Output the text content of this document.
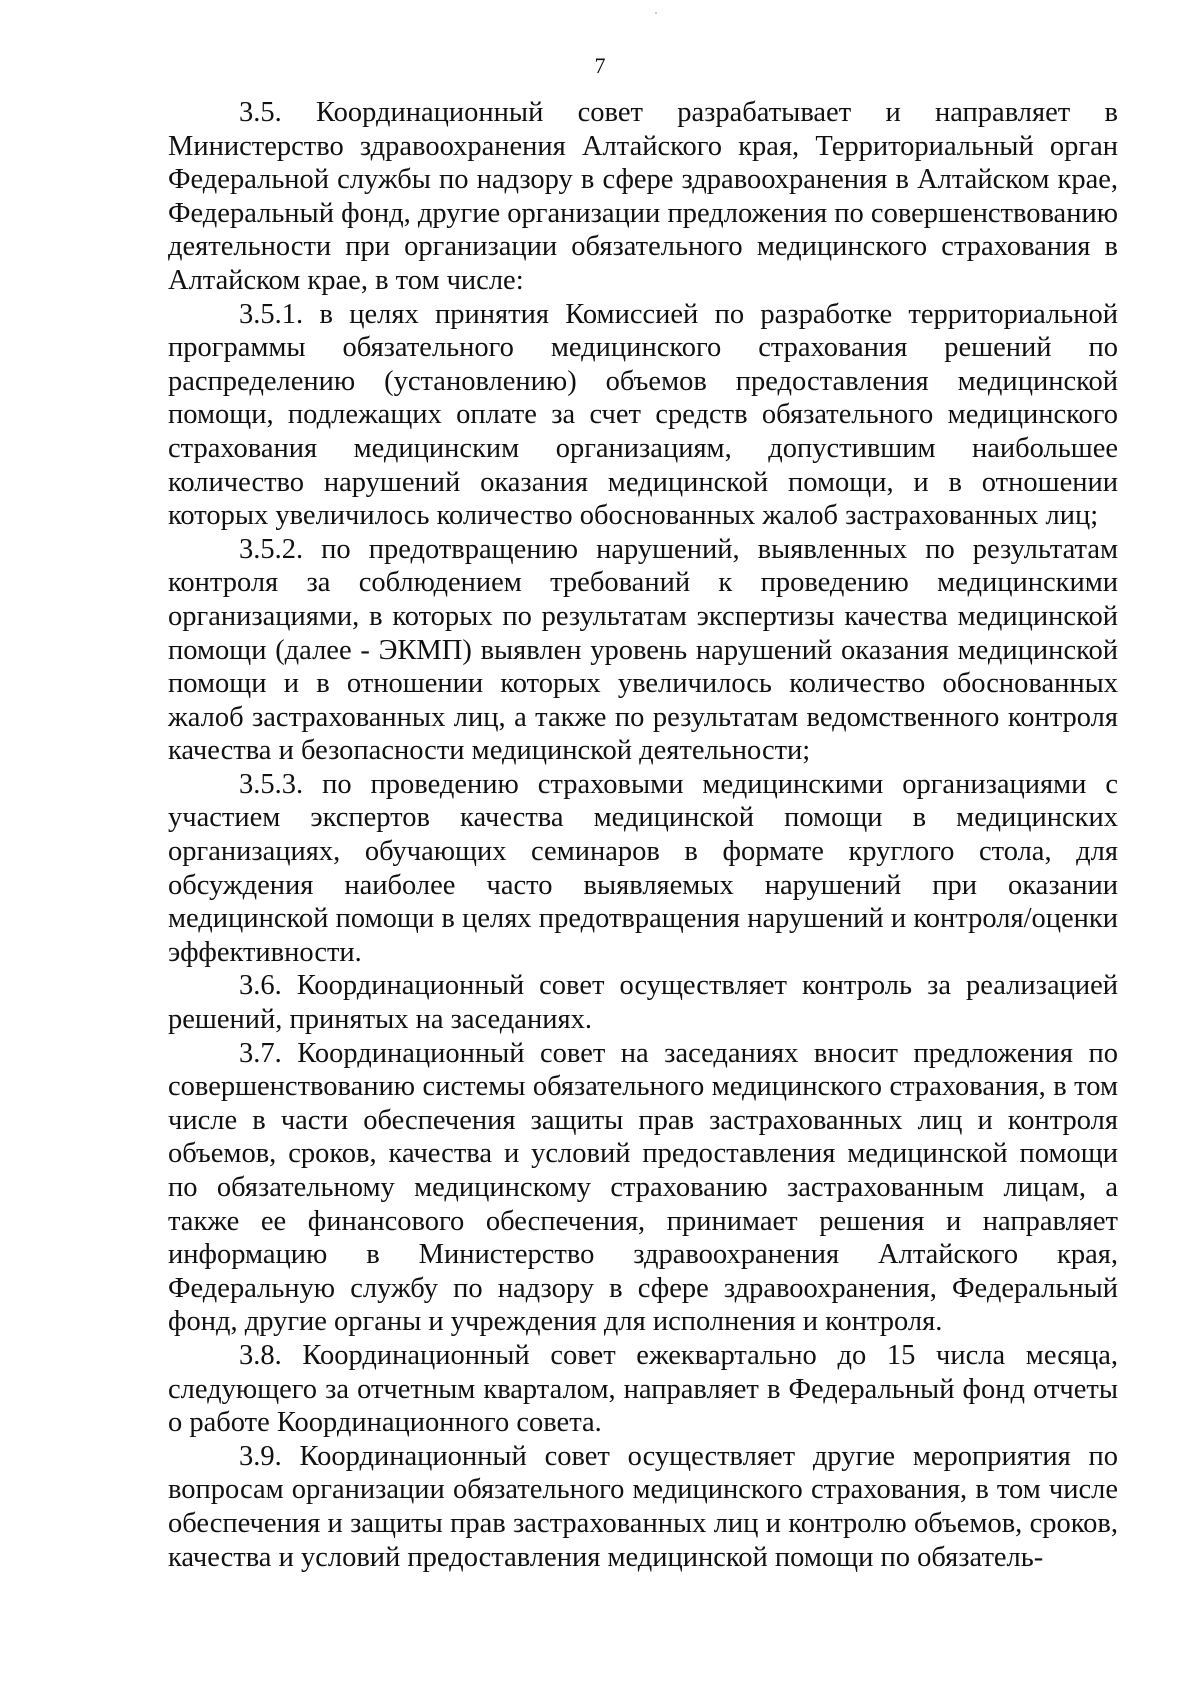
7

3.5. Координационный совет разрабатывает и направляет в Министерство здравоохранения Алтайского края, Территориальный орган Федеральной службы по надзору в сфере здравоохранения в Алтайском крае, Федеральный фонд, другие организации предложения по совершенствованию деятельности при организации обязательного медицинского страхования в Алтайском крае, в том числе:

3.5.1. в целях принятия Комиссией по разработке территориальной программы обязательного медицинского страхования решений по распределению (установлению) объемов предоставления медицинской помощи, подлежащих оплате за счет средств обязательного медицинского страхования медицинским организациям, допустившим наибольшее количество нарушений оказания медицинской помощи, и в отношении которых увеличилось количество обоснованных жалоб застрахованных лиц;

3.5.2. по предотвращению нарушений, выявленных по результатам контроля за соблюдением требований к проведению медицинскими организациями, в которых по результатам экспертизы качества медицинской помощи (далее - ЭКМП) выявлен уровень нарушений оказания медицинской помощи и в отношении которых увеличилось количество обоснованных жалоб застрахованных лиц, а также по результатам ведомственного контроля качества и безопасности медицинской деятельности;

3.5.3. по проведению страховыми медицинскими организациями с участием экспертов качества медицинской помощи в медицинских организациях, обучающих семинаров в формате круглого стола, для обсуждения наиболее часто выявляемых нарушений при оказании медицинской помощи в целях предотвращения нарушений и контроля/оценки эффективности.

3.6. Координационный совет осуществляет контроль за реализацией решений, принятых на заседаниях.

3.7. Координационный совет на заседаниях вносит предложения по совершенствованию системы обязательного медицинского страхования, в том числе в части обеспечения защиты прав застрахованных лиц и контроля объемов, сроков, качества и условий предоставления медицинской помощи по обязательному медицинскому страхованию застрахованным лицам, а также ее финансового обеспечения, принимает решения и направляет информацию в Министерство здравоохранения Алтайского края, Федеральную службу по надзору в сфере здравоохранения, Федеральный фонд, другие органы и учреждения для исполнения и контроля.

3.8. Координационный совет ежеквартально до 15 числа месяца, следующего за отчетным кварталом, направляет в Федеральный фонд отчеты о работе Координационного совета.

3.9. Координационный совет осуществляет другие мероприятия по вопросам организации обязательного медицинского страхования, в том числе обеспечения и защиты прав застрахованных лиц и контролю объемов, сроков, качества и условий предоставления медицинской помощи по обязатель-
